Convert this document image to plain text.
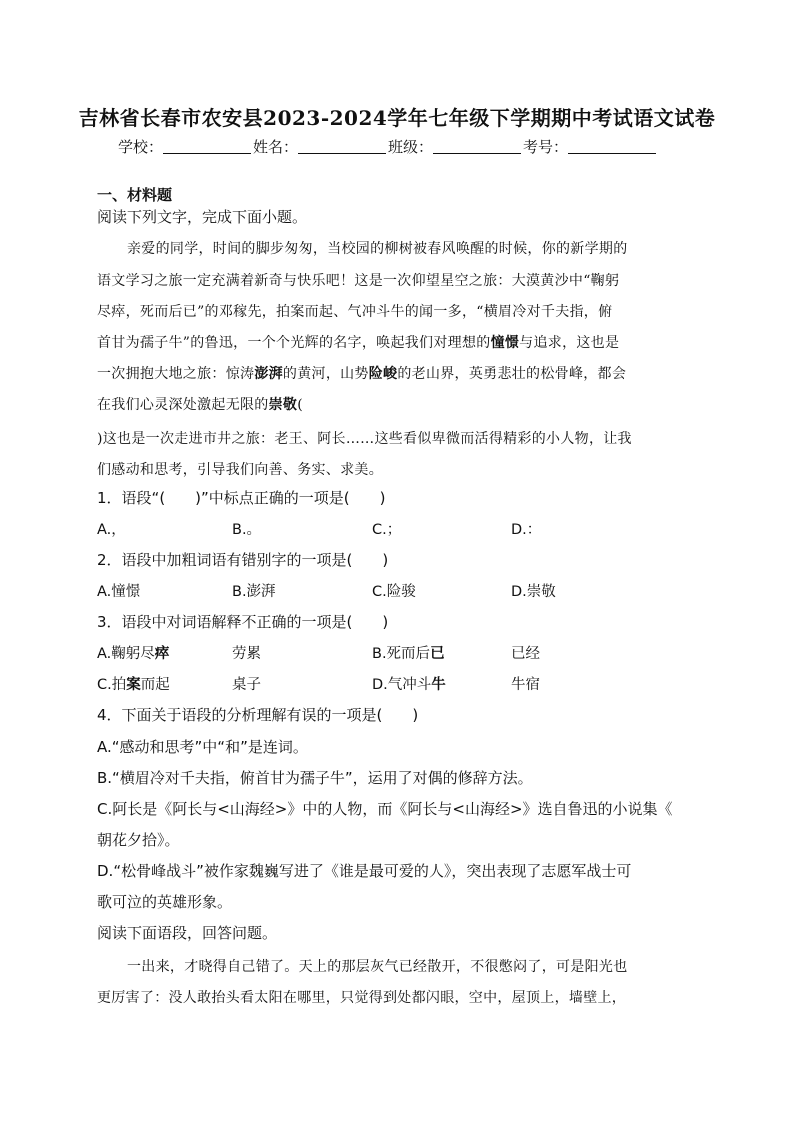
吉林省长春市农安县2023-2024学年七年级下学期期中考试语文试卷
学校：	姓名：	班级：	考号：
一、材料题
阅读下列文字，完成下面小题。
亲爱的同学，时间的脚步匆匆，当校园的柳树被春风唤醒的时候，你的新学期的
语文学习之旅一定充满着新奇与快乐吧！这是一次仰望星空之旅：大漠黄沙中“鞠躬
尽瘁，死而后已”的邓稼先，拍案而起、气冲斗牛的闻一多，“横眉冷对千夫指，俯
首甘为孺子牛”的鲁迅，一个个光辉的名字，唤起我们对理想的憧憬与追求，这也是
一次拥抱大地之旅：惊涛澎湃的黄河，山势险峻的老山界，英勇悲壮的松骨峰，都会
在我们心灵深处激起无限的崇敬(
)这也是一次走进市井之旅：老王、阿长……这些看似卑微而活得精彩的小人物，让我
们感动和思考，引导我们向善、务实、求美。
1．语段“(　　)”中标点正确的一项是(　　)
A.，	B.。	C.；	D.：
2．语段中加粗词语有错别字的一项是(　　)
A.憧憬	B.澎湃	C.险骏	D.崇敬
3．语段中对词语解释不正确的一项是(　　)
A.鞠躬尽瘁	劳累	B.死而后已	已经
C.拍案而起	桌子	D.气冲斗牛	牛宿
4．下面关于语段的分析理解有误的一项是(　　)
A.“感动和思考”中“和”是连词。
B.“横眉冷对千夫指，俯首甘为孺子牛”，运用了对偶的修辞方法。
C.阿长是《阿长与<山海经>》中的人物，而《阿长与<山海经>》选自鲁迅的小说集《
朝花夕拾》。
D.“松骨峰战斗”被作家魏巍写进了《谁是最可爱的人》，突出表现了志愿军战士可
歌可泣的英雄形象。
阅读下面语段，回答问题。
一出来，才晓得自己错了。天上的那层灰气已经散开，不很憋闷了，可是阳光也
更厉害了：没人敢抬头看太阳在哪里，只觉得到处都闪眼，空中，屋顶上，墙壁上，
